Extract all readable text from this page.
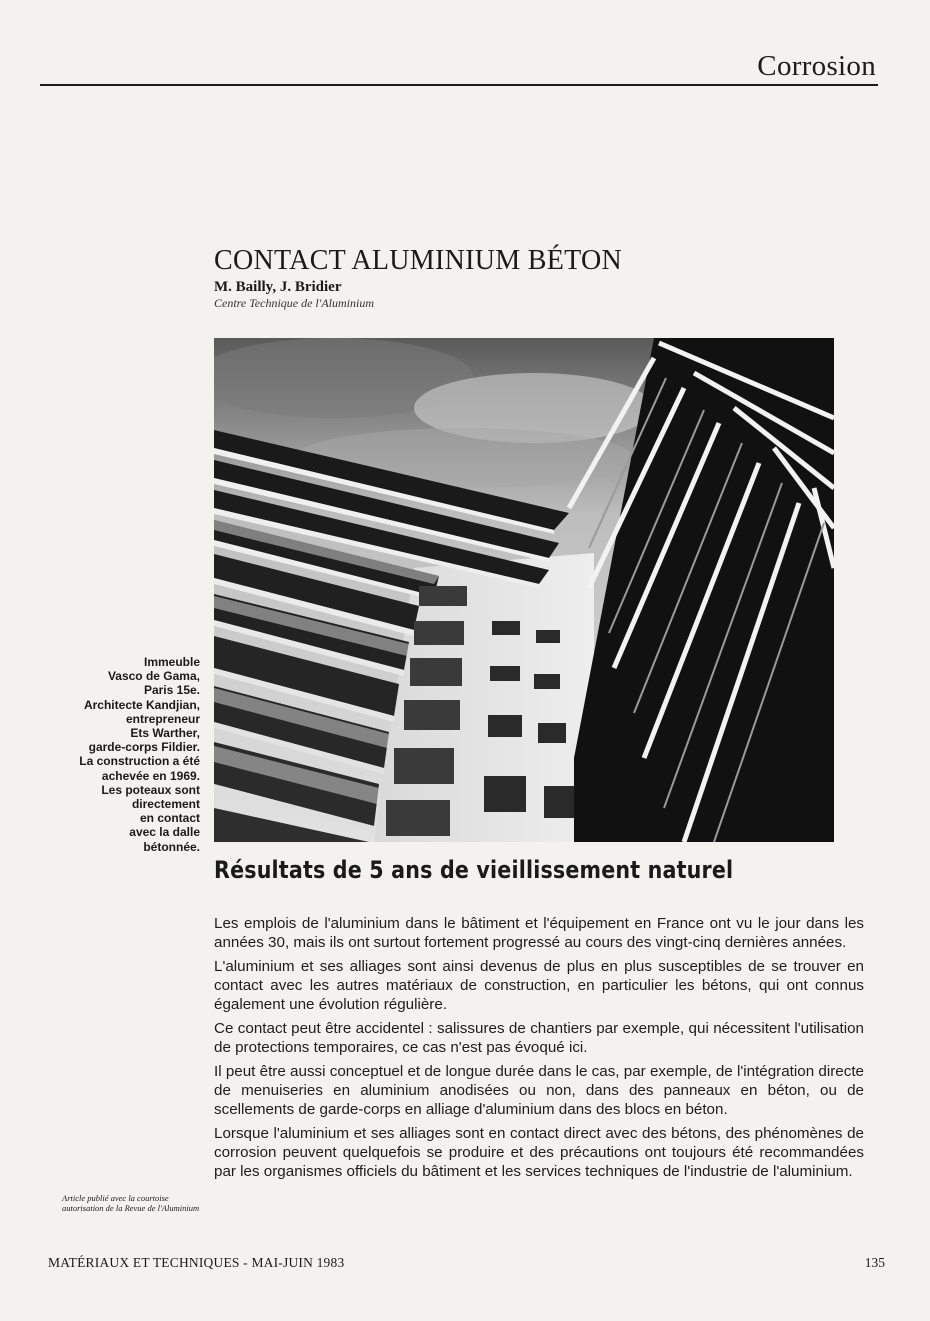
Corrosion
CONTACT ALUMINIUM BÉTON
M. Bailly, J. Bridier
Centre Technique de l'Aluminium
Immeuble
Vasco de Gama,
Paris 15e.
Architecte Kandjian,
entrepreneur
Ets Warther,
garde-corps Fildier.
La construction a été
achevée en 1969.
Les poteaux sont
directement
en contact
avec la dalle
bétonnée.
Résultats de 5 ans de vieillissement naturel

Les emplois de l'aluminium dans le bâtiment et l'équipement en France ont vu le jour dans les années 30, mais ils ont surtout fortement progressé au cours des vingt-cinq dernières années.

L'aluminium et ses alliages sont ainsi devenus de plus en plus susceptibles de se trouver en contact avec les autres matériaux de construction, en particulier les bétons, qui ont connus également une évolution régulière.

Ce contact peut être accidentel : salissures de chantiers par exemple, qui nécessitent l'utilisation de protections temporaires, ce cas n'est pas évoqué ici.

Il peut être aussi conceptuel et de longue durée dans le cas, par exemple, de l'intégration directe de menuiseries en aluminium anodisées ou non, dans des panneaux en béton, ou de scellements de garde-corps en alliage d'aluminium dans des blocs en béton.

Lorsque l'aluminium et ses alliages sont en contact direct avec des bétons, des phénomènes de corrosion peuvent quelquefois se produire et des précautions ont toujours été recommandées par les organismes officiels du bâtiment et les services techniques de l'industrie de l'aluminium.

Article publié avec la courtoise autorisation de la Revue de l'Aluminium
MATÉRIAUX ET TECHNIQUES - MAI-JUIN 1983	135
